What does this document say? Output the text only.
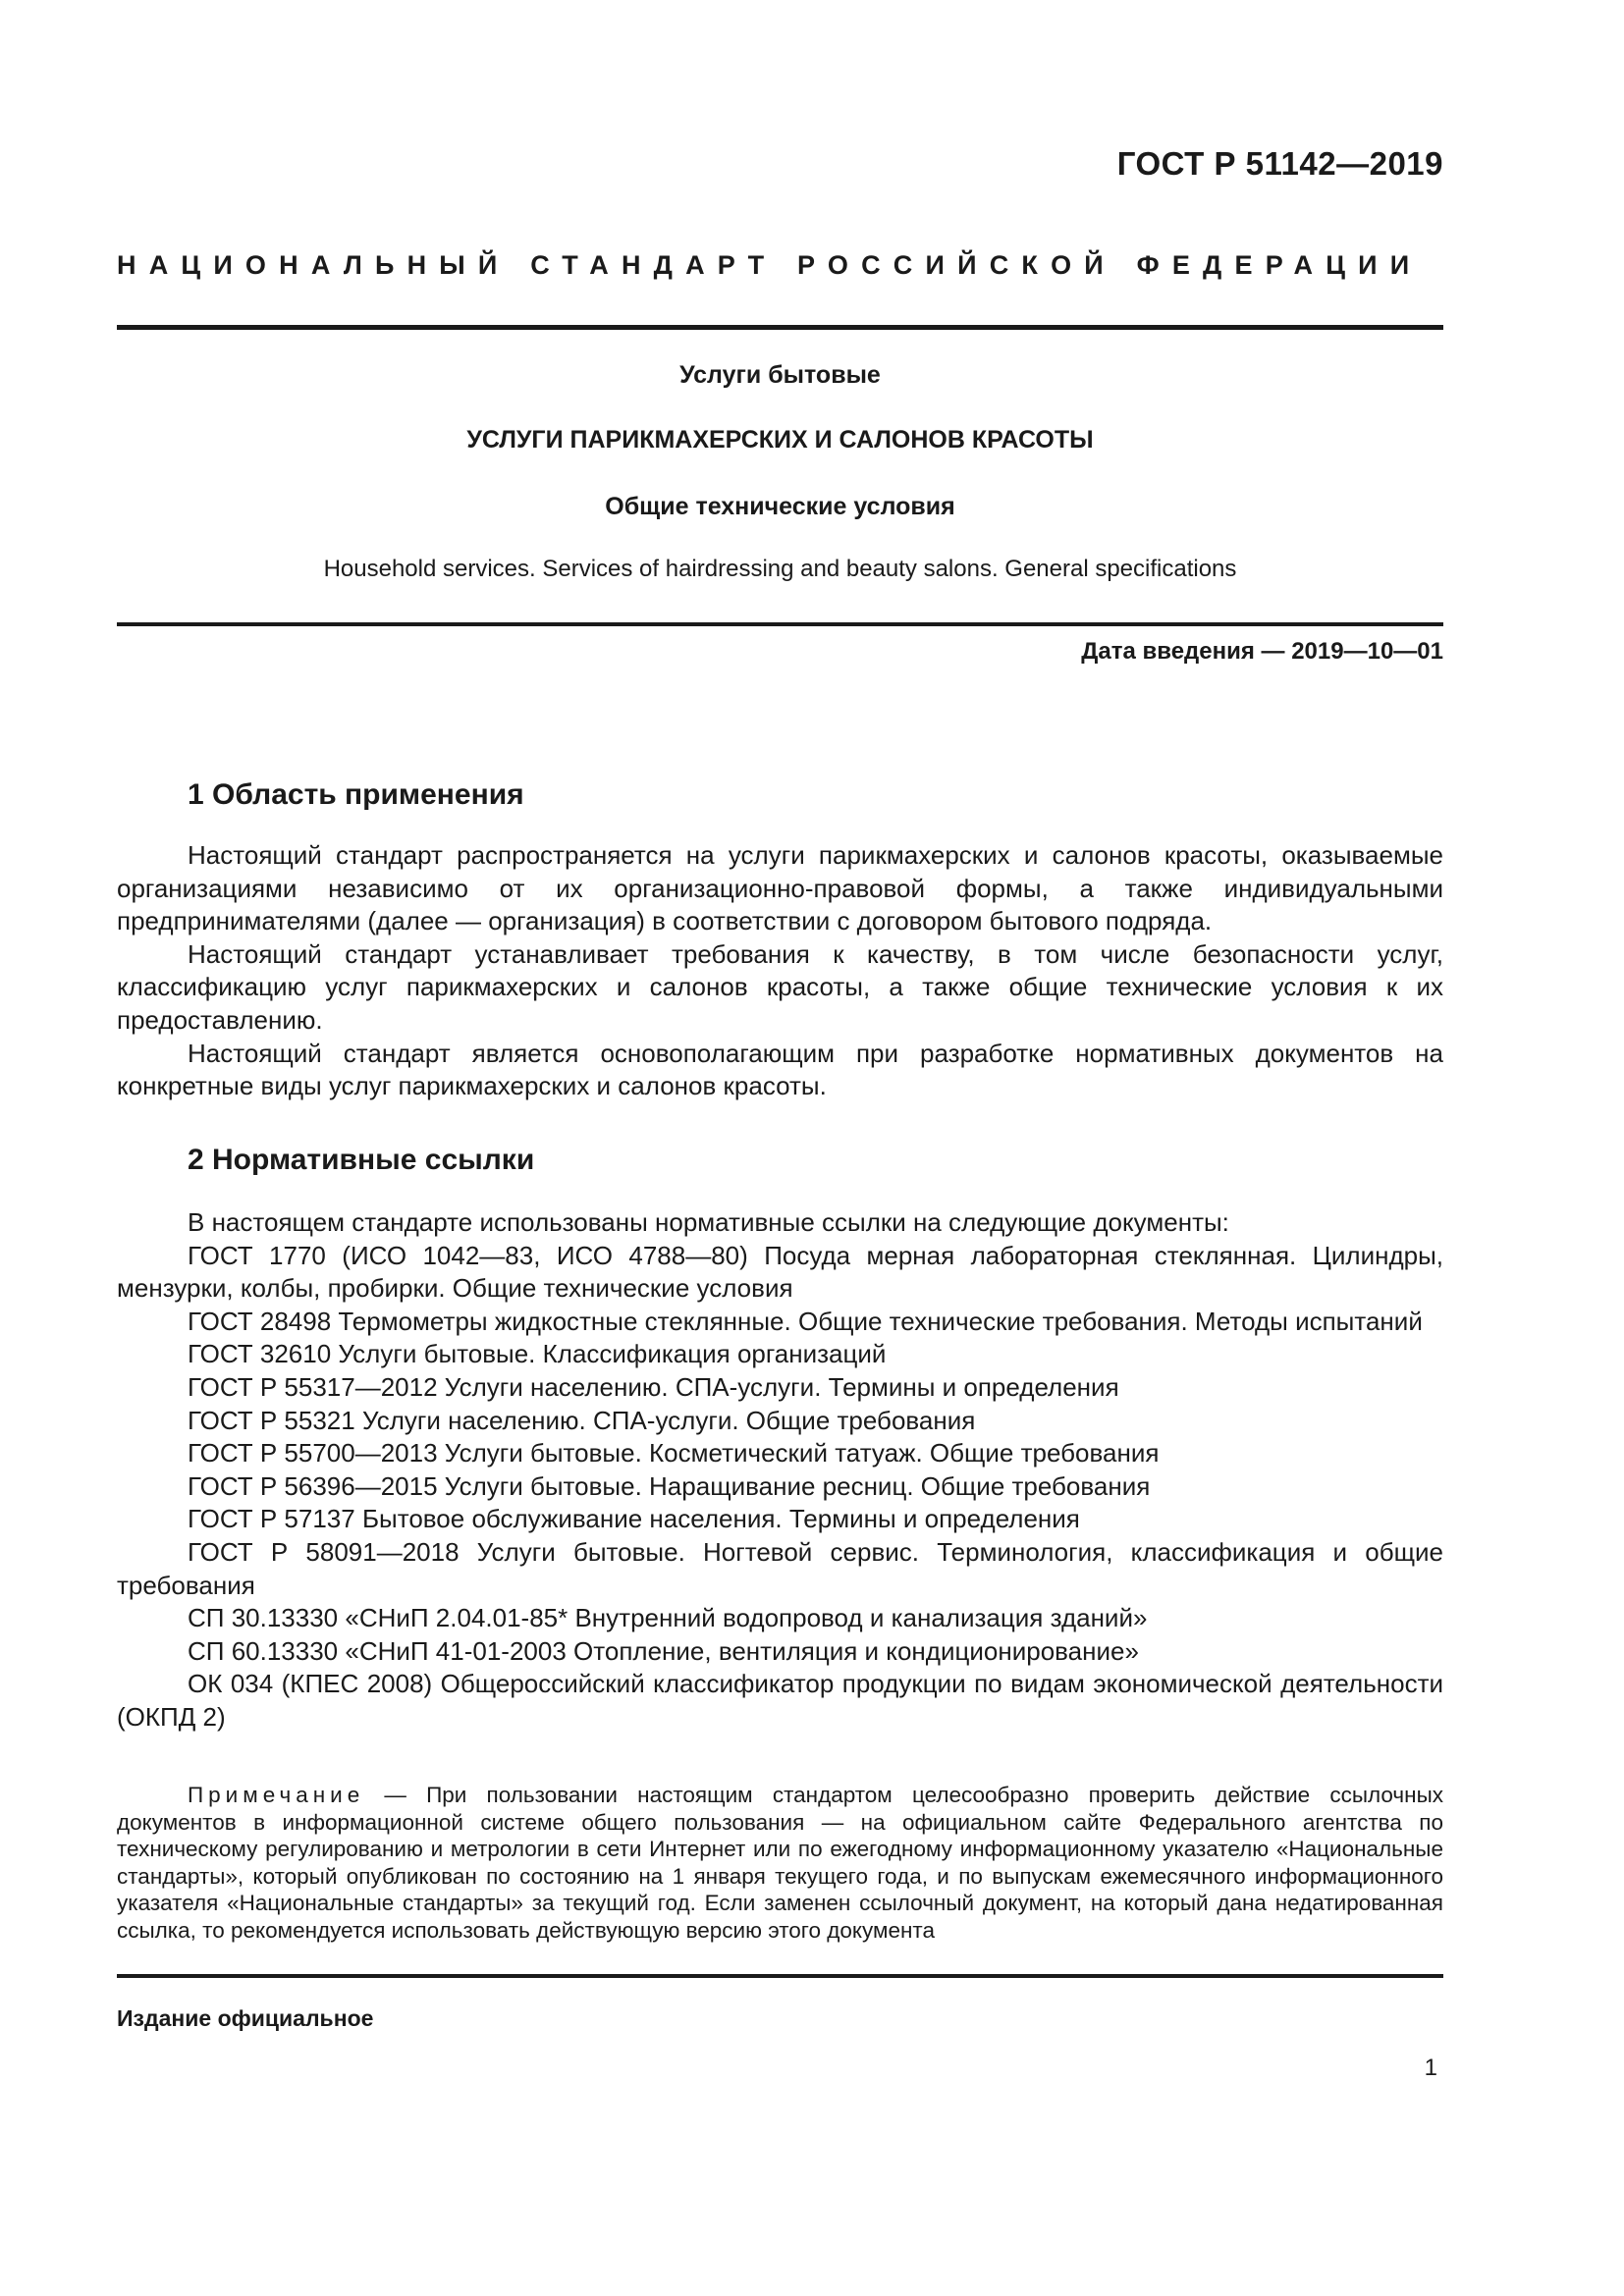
ГОСТ Р 51142—2019
НАЦИОНАЛЬНЫЙ СТАНДАРТ РОССИЙСКОЙ ФЕДЕРАЦИИ
Услуги бытовые
УСЛУГИ ПАРИКМАХЕРСКИХ И САЛОНОВ КРАСОТЫ
Общие технические условия
Household services. Services of hairdressing and beauty salons. General specifications
Дата введения — 2019—10—01
1 Область применения

Настоящий стандарт распространяется на услуги парикмахерских и салонов красоты, оказываемые организациями независимо от их организационно-правовой формы, а также индивидуальными предпринимателями (далее — организация) в соответствии с договором бытового подряда.

Настоящий стандарт устанавливает требования к качеству, в том числе безопасности услуг, классификацию услуг парикмахерских и салонов красоты, а также общие технические условия к их предоставлению.

Настоящий стандарт является основополагающим при разработке нормативных документов на конкретные виды услуг парикмахерских и салонов красоты.

2 Нормативные ссылки

В настоящем стандарте использованы нормативные ссылки на следующие документы:

ГОСТ 1770 (ИСО 1042—83, ИСО 4788—80) Посуда мерная лабораторная стеклянная. Цилиндры, мензурки, колбы, пробирки. Общие технические условия

ГОСТ 28498 Термометры жидкостные стеклянные. Общие технические требования. Методы испытаний

ГОСТ 32610 Услуги бытовые. Классификация организаций

ГОСТ Р 55317—2012 Услуги населению. СПА-услуги. Термины и определения

ГОСТ Р 55321 Услуги населению. СПА-услуги. Общие требования

ГОСТ Р 55700—2013 Услуги бытовые. Косметический татуаж. Общие требования

ГОСТ Р 56396—2015 Услуги бытовые. Наращивание ресниц. Общие требования

ГОСТ Р 57137 Бытовое обслуживание населения. Термины и определения

ГОСТ Р 58091—2018 Услуги бытовые. Ногтевой сервис. Терминология, классификация и общие требования

СП 30.13330 «СНиП 2.04.01-85* Внутренний водопровод и канализация зданий»

СП 60.13330 «СНиП 41-01-2003 Отопление, вентиляция и кондиционирование»

ОК 034 (КПЕС 2008) Общероссийский классификатор продукции по видам экономической деятельности (ОКПД 2)

Примечание — При пользовании настоящим стандартом целесообразно проверить действие ссылочных документов в информационной системе общего пользования — на официальном сайте Федерального агентства по техническому регулированию и метрологии в сети Интернет или по ежегодному информационному указателю «Национальные стандарты», который опубликован по состоянию на 1 января текущего года, и по выпускам ежемесячного информационного указателя «Национальные стандарты» за текущий год. Если заменен ссылочный документ, на который дана недатированная ссылка, то рекомендуется использовать действующую версию этого документа
Издание официальное
1
